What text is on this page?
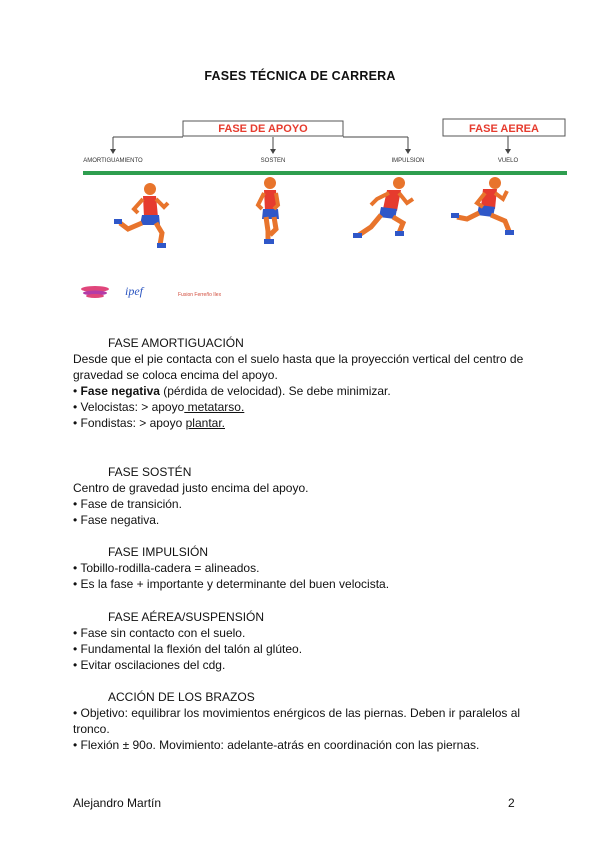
FASES TÉCNICA DE CARRERA
FASE DE APOYO	FASE AEREA
AMORTIGUAMIENTO	SOSTEN	IMPULSION	VUELO
ipef	Fusion Ferreño Ilex
FASE AMORTIGUACIÓN
Desde que el pie contacta con el suelo hasta que la proyección vertical del centro de gravedad se coloca encima del apoyo.
• Fase negativa (pérdida de velocidad). Se debe minimizar.
• Velocistas: > apoyo metatarso.
• Fondistas: > apoyo plantar.
FASE SOSTÉN
Centro de gravedad justo encima del apoyo.
• Fase de transición.
• Fase negativa.
FASE IMPULSIÓN
• Tobillo-rodilla-cadera = alineados.
• Es la fase + importante y determinante del buen velocista.
FASE AÉREA/SUSPENSIÓN
• Fase sin contacto con el suelo.
• Fundamental la flexión del talón al glúteo.
• Evitar oscilaciones del cdg.
ACCIÓN DE LOS BRAZOS
• Objetivo: equilibrar los movimientos enérgicos de las piernas. Deben ir paralelos al tronco.
• Flexión ± 90o. Movimiento: adelante-atrás en coordinación con las piernas.
Alejandro Martín	2
